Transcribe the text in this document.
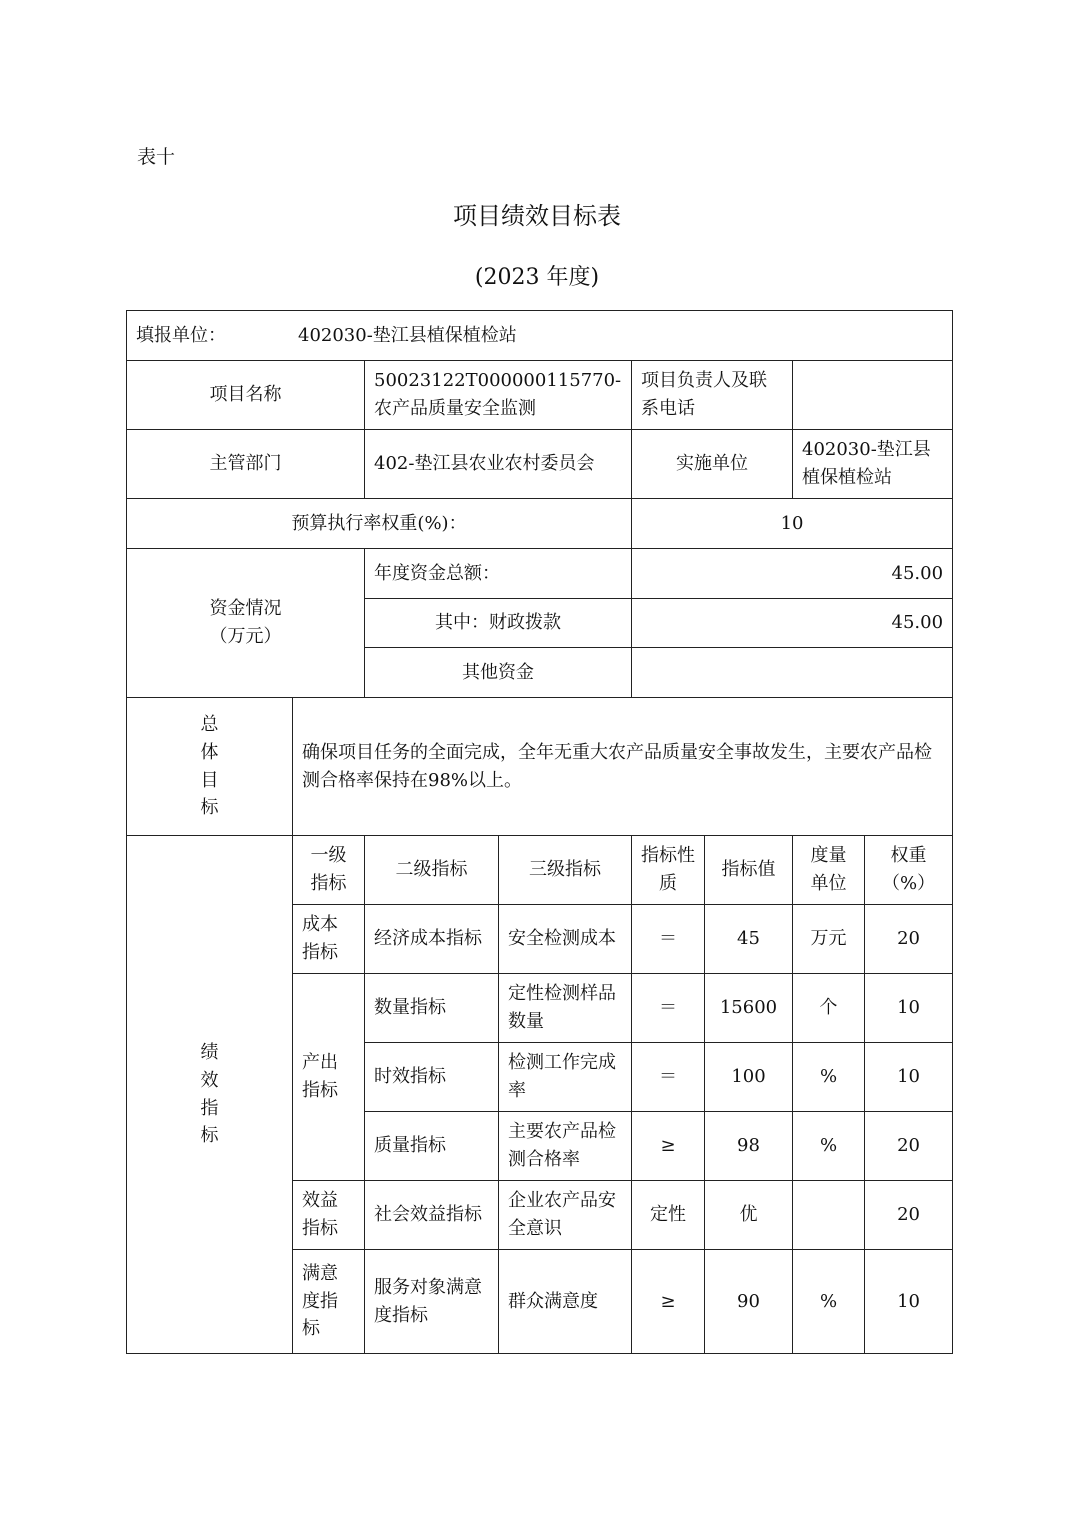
表十
项目绩效目标表
(2023 年度)
填报单位： 402030-垫江县植保植检站							
项目名称		50023122T000000115770-农产品质量安全监测		项目负责人及联系电话			
主管部门		402-垫江县农业农村委员会		实施单位		402030-垫江县植保植检站	
预算执行率权重(%)：				10			

资金情况
（万元）		年度资金总额：		45.00			
		其中：财政拨款		45.00			
		其他资金					

总
体
目
标	确保项目任务的全面完成，全年无重大农产品质量安全事故发生，主要农产品检测合格率保持在98%以上。						

绩
效
指
标	一级指标	二级指标	三级指标	指标性质	指标值	度量单位	权重（%）
	成本指标	经济成本指标	安全检测成本	＝	45	万元	20
	产出指标	数量指标	定性检测样品数量	＝	15600	个	10
		时效指标	检测工作完成率	＝	100	%	10
		质量指标	主要农产品检测合格率	≥	98	%	20
	效益指标	社会效益指标	企业农产品安全意识	定性	优		20
	满意度指标	服务对象满意度指标	群众满意度	≥	90	%	10
